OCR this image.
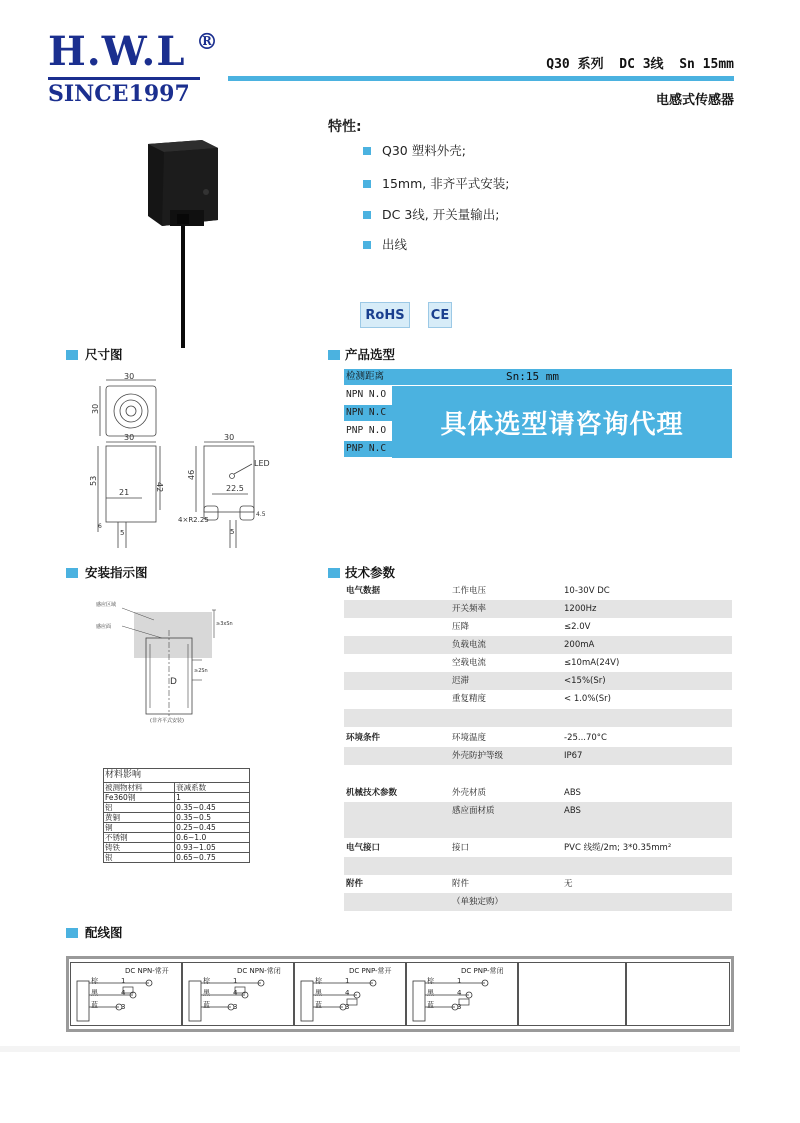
H.W.L ®
SINCE1997
Q30 系列  DC 3线  Sn 15mm
电感式传感器
特性:
Q30 塑料外壳;
15mm, 非齐平式安装;
DC 3线, 开关量输出;
出线
RoHS	CE
尺寸图	产品选型
安装指示图	技术参数
配线图
30
30
30
53
42
21
5
6
30
46
LED
22.5
4×R2.25
5
4.5
检测距离	Sn:15 mm
NPN N.O
NPN N.C
PNP N.O
PNP N.C
具体选型请咨询代理
D
≥3xSn
≥2Sn
感应区域
感应面
(非齐平式安装)
材料影响	
被测物材料	衰减系数
Fe360钢	1
铝	0.35~0.45
黄铜	0.35~0.5
铜	0.25~0.45
不锈钢	0.6~1.0
铸铁	0.93~1.05
银	0.65~0.75
电气数据	工作电压	10-30V DC
开关频率	1200Hz
压降	≤2.0V
负载电流	200mA
空载电流	≤10mA(24V)
迟滞	<15%(Sr)
重复精度	< 1.0%(Sr)
环境条件	环境温度	-25...70°C
外壳防护等级	IP67
机械技术参数	外壳材质	ABS
感应面材质	ABS
电气接口	接口	PVC 线缆/2m; 3*0.35mm²
附件	附件	无
（单独定购）
DC NPN-常开
棕
黑
蓝
1
4
3
DC NPN-常闭
棕
黑
蓝
1
4
3
DC PNP-常开
棕
黑
蓝
1
4
3
DC PNP-常闭
棕
黑
蓝
1
4
3
